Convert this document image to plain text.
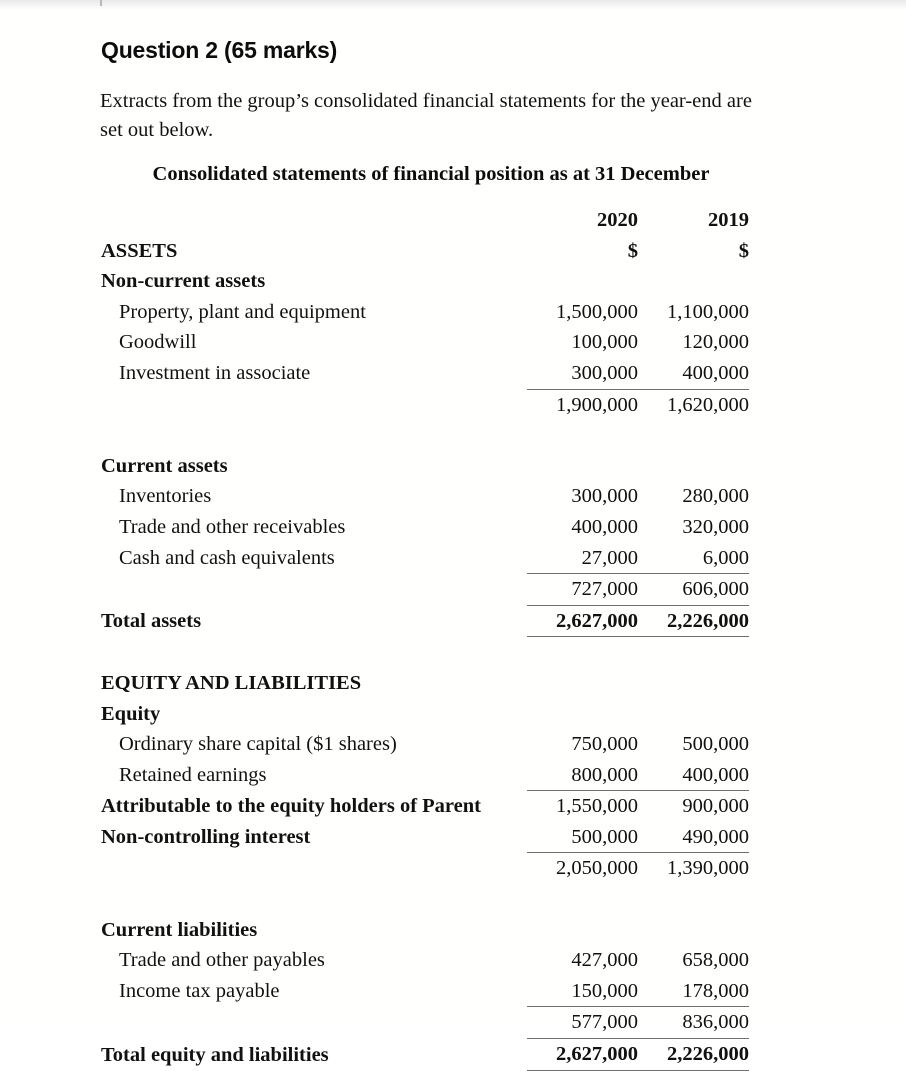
Question 2 (65 marks)
Extracts from the group’s consolidated financial statements for the year-end are set out below.
Consolidated statements of financial position as at 31 December
	2020	2019
ASSETS	$	$
Non-current assets		
Property, plant and equipment	1,500,000	1,100,000
Goodwill	100,000	120,000
Investment in associate	300,000	400,000
	1,900,000	1,620,000

Current assets		
Inventories	300,000	280,000
Trade and other receivables	400,000	320,000
Cash and cash equivalents	27,000	6,000
	727,000	606,000
Total assets	2,627,000	2,226,000

EQUITY AND LIABILITIES		
Equity		
Ordinary share capital ($1 shares)	750,000	500,000
Retained earnings	800,000	400,000
Attributable to the equity holders of Parent	1,550,000	900,000
Non-controlling interest	500,000	490,000
	2,050,000	1,390,000

Current liabilities		
Trade and other payables	427,000	658,000
Income tax payable	150,000	178,000
	577,000	836,000
Total equity and liabilities	2,627,000	2,226,000
